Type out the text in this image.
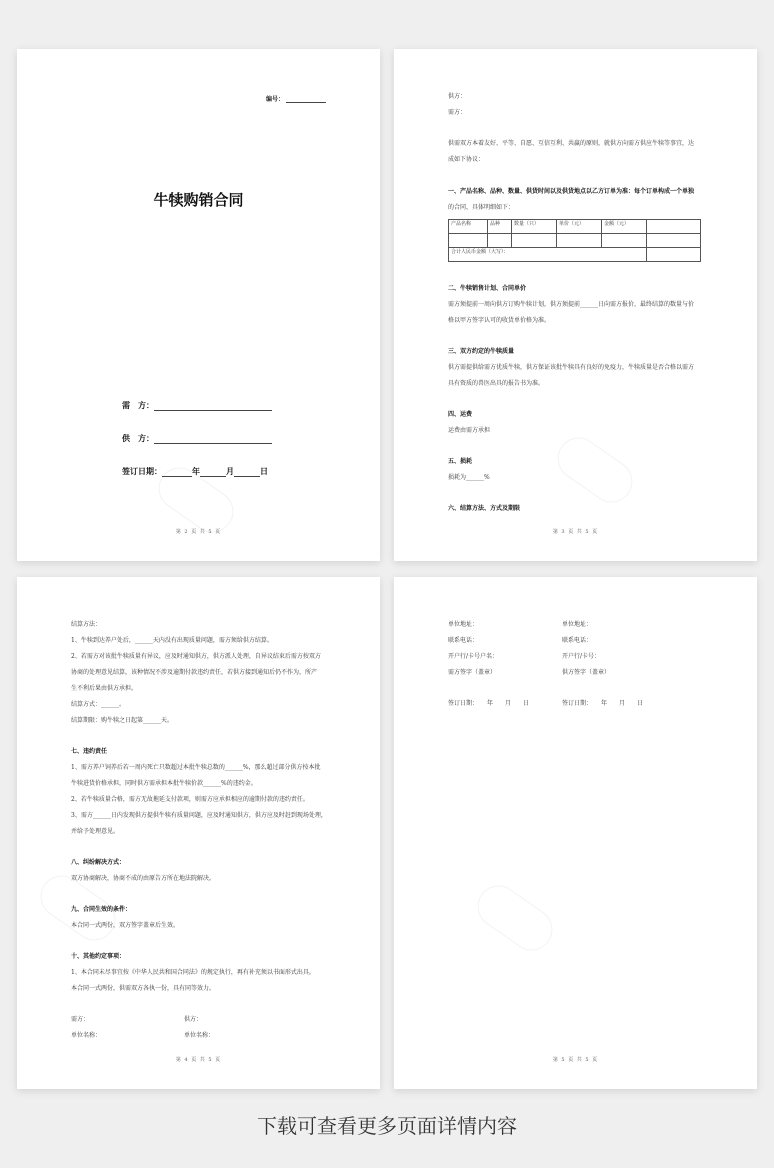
编号：
牛犊购销合同
需　方：
供　方：
签订日期：	年	月	日
第 2 页 共 5 页
供方：
需方：
供需双方本着友好、平等、自愿、互信互利、共赢的原则，就供方向需方供应牛犊等事宜，达
成如下协议：
一、产品名称、品种、数量、供货时间以及供货地点以乙方订单为准：每个订单构成一个单独
的合同，具体明细如下：
产品名称	品种	数量（只）	单价（元）	金额（元）	

合计人民币金额（大写）：					
二、牛犊销售计划、合同单价
需方须提前一周向供方订购牛犊计划，供方须提前______日向需方报价，最终结算的数量与价
格以甲方签字认可的收货单价格为准。
三、双方约定的牛犊质量
供方需提供给需方优质牛犊，供方保证该批牛犊具有良好的免疫力，牛犊质量是否合格以需方
具有资质的兽医出具的报告书为准。
四、运费
运费由需方承担
五、损耗
损耗为______%
六、结算方法、方式及期限
第 3 页 共 5 页
结算方法：
1、牛犊到达养户处后，______天内没有出现质量问题，需方须给供方结算。
2、若需方对该批牛犊质量有异议，应及时通知供方，供方派人处理，自异议结束后需方按双方
协商的处理意见结算，该种情况不涉及逾期付款违约责任，若供方接到通知后仍不作为，所产
生不利后果由供方承担。
结算方式：______。
结算期限：购牛犊之日起第______天。
七、违约责任
1、需方养户饲养后若一周内死亡只数超过本批牛犊总数的______%，那么超过部分供方按本批
牛犊进货价格承担，同时供方需承担本批牛犊价款______%的违约金。
2、若牛犊质量合格，需方无故拖延支付款项，则需方应承担相应的逾期付款的违约责任。
3、需方______日内发现供方提供牛犊有质量问题，应及时通知供方，供方应及时赶到现场处理，
并给予处理意见。
八、纠纷解决方式：
双方协商解决，协商不成的由原告方所在地法院解决。
九、合同生效的条件：
本合同一式两份，双方签字盖章后生效。
十、其他约定事项：
1、本合同未尽事宜按《中华人民共和国合同法》的规定执行，再有补充须以书面形式出具。
本合同一式两份，供需双方各执一份，具有同等效力。
需方：	供方：
单位名称：	单位名称：
第 4 页 共 5 页
单位地址：	单位地址：
联系电话：	联系电话：
开户行/卡号户名：	开户行/卡号：
需方签字（盖章）	供方签字（盖章）
签订日期：　　年　　月　　日	签订日期：　　年　　月　　日
第 5 页 共 5 页
下载可查看更多页面详情内容
